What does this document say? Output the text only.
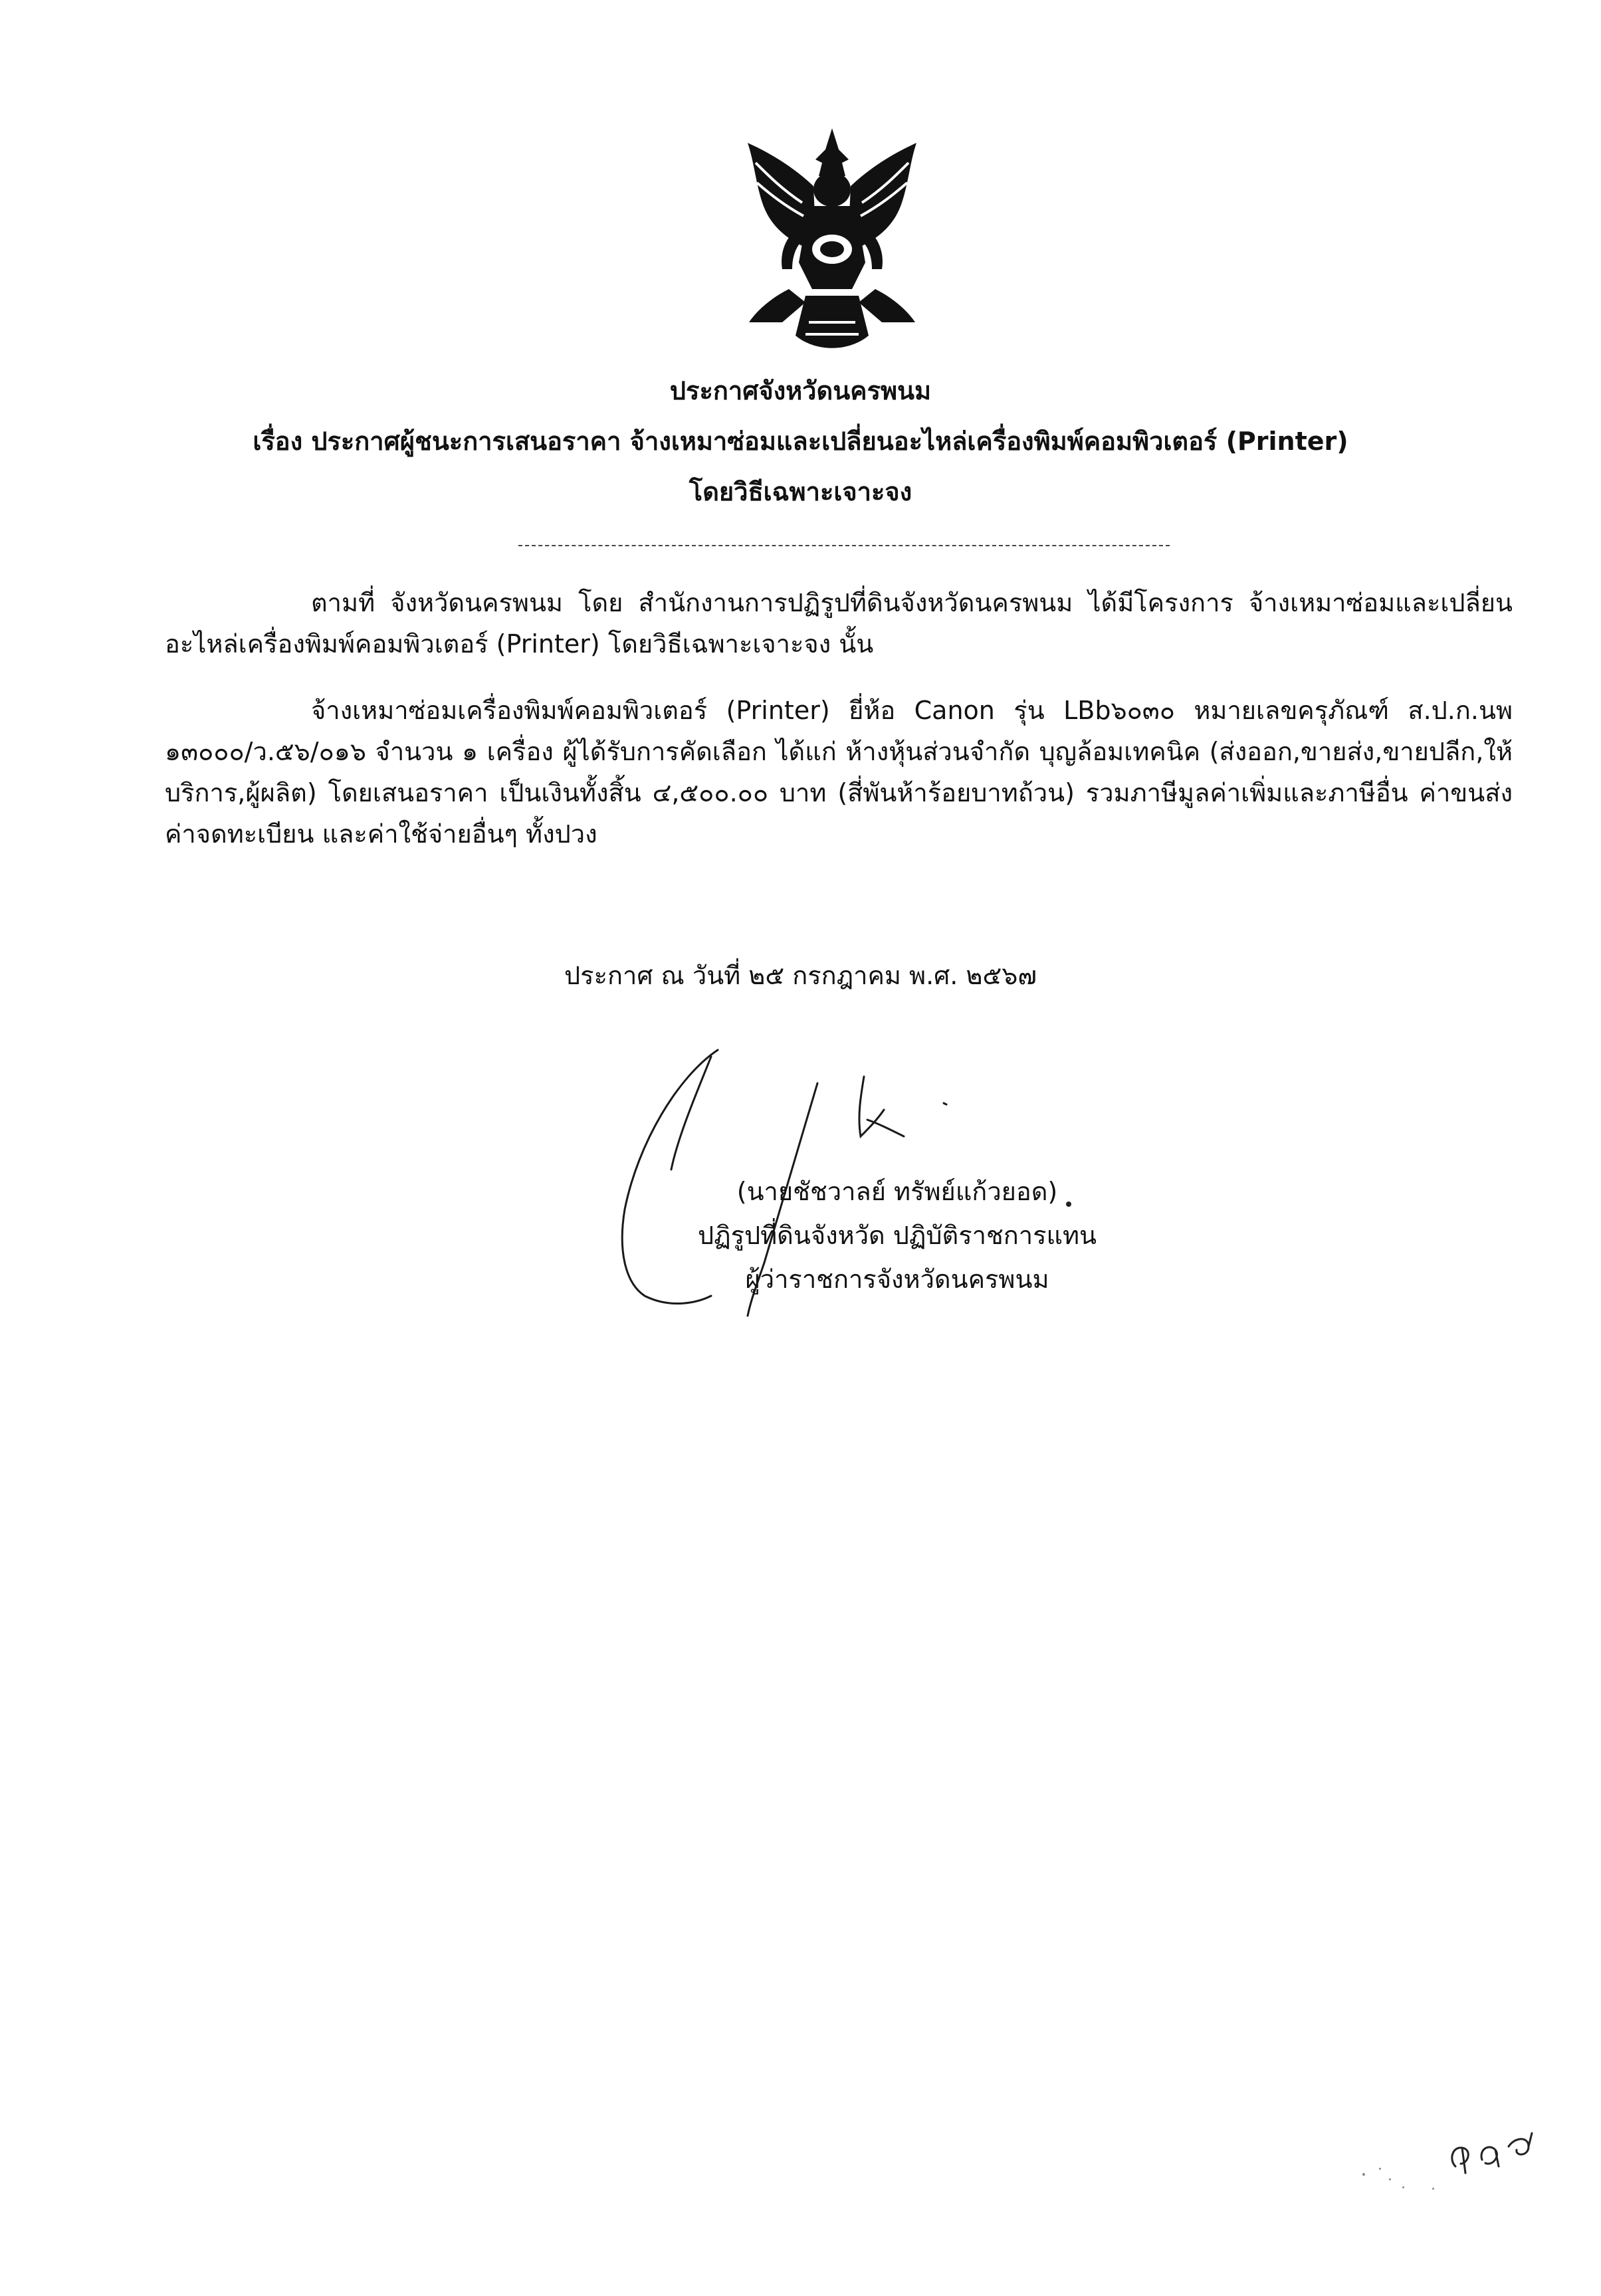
ประกาศจังหวัดนครพนม
เรื่อง ประกาศผู้ชนะการเสนอราคา จ้างเหมาซ่อมและเปลี่ยนอะไหล่เครื่องพิมพ์คอมพิวเตอร์ (Printer)
โดยวิธีเฉพาะเจาะจง
ตามที่ จังหวัดนครพนม โดย สำนักงานการปฏิรูปที่ดินจังหวัดนครพนม ได้มีโครงการ จ้างเหมาซ่อมและเปลี่ยนอะไหล่เครื่องพิมพ์คอมพิวเตอร์ (Printer) โดยวิธีเฉพาะเจาะจง นั้น
จ้างเหมาซ่อมเครื่องพิมพ์คอมพิวเตอร์ (Printer) ยี่ห้อ Canon รุ่น LBb๖๐๓๐ หมายเลขครุภัณฑ์ ส.ป.ก.นพ ๑๓๐๐๐/ว.๕๖/๐๑๖ จำนวน ๑ เครื่อง ผู้ได้รับการคัดเลือก ได้แก่ ห้างหุ้นส่วนจำกัด บุญล้อมเทคนิค (ส่งออก,ขายส่ง,ขายปลีก,ให้บริการ,ผู้ผลิต) โดยเสนอราคา เป็นเงินทั้งสิ้น ๔,๕๐๐.๐๐ บาท (สี่พันห้าร้อยบาทถ้วน) รวมภาษีมูลค่าเพิ่มและภาษีอื่น ค่าขนส่ง ค่าจดทะเบียน และค่าใช้จ่ายอื่นๆ ทั้งปวง
ประกาศ ณ วันที่ ๒๕ กรกฎาคม พ.ศ. ๒๕๖๗
(นายชัชวาลย์ ทรัพย์แก้วยอด)
ปฏิรูปที่ดินจังหวัด ปฏิบัติราชการแทน
ผู้ว่าราชการจังหวัดนครพนม
